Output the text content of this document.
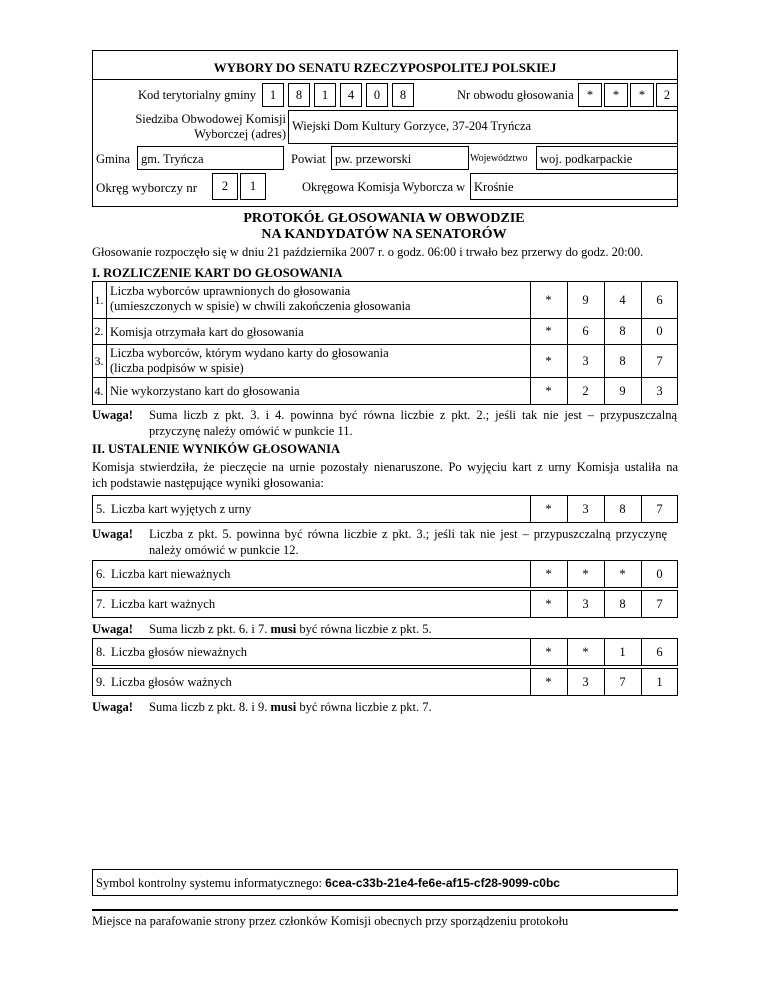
WYBORY DO SENATU RZECZYPOSPOLITEJ POLSKIEJ
Kod terytorialny gminy	1	8	1	4	0	8	Nr obwodu głosowania	*	*	*	2
Siedziba Obwodowej Komisji
Wyborczej (adres)
Wiejski Dom Kultury Gorzyce, 37-204 Tryńcza
Gmina gm. Tryńcza	Powiat pw. przeworski	Województwo woj. podkarpackie
Okręg wyborczy nr	2	1	Okręgowa Komisja Wyborcza w Krośnie
PROTOKÓŁ GŁOSOWANIA W OBWODZIE
NA KANDYDATÓW NA SENATORÓW
Głosowanie rozpoczęło się w dniu 21 października 2007 r. o godz. 06:00 i trwało bez przerwy do godz. 20:00.
I. ROZLICZENIE KART DO GŁOSOWANIA
1.
Liczba wyborców uprawnionych do głosowania
(umieszczonych w spisie) w chwili zakończenia głosowania	*	9	4	6
2. Komisja otrzymała kart do głosowania	*	6	8	0
3.
Liczba wyborców, którym wydano karty do głosowania
(liczba podpisów w spisie)
*	3	8	7
4. Nie wykorzystano kart do głosowania	*	2	9	3
Uwaga! Suma liczb z pkt. 3. i 4. powinna być równa liczbie z pkt. 2.; jeśli tak nie jest – przypuszczalną
przyczynę należy omówić w punkcie 11.
II. USTALENIE WYNIKÓW GŁOSOWANIA
Komisja stwierdziła, że pieczęcie na urnie pozostały nienaruszone. Po wyjęciu kart z urny Komisja ustaliła na
ich podstawie następujące wyniki głosowania:
5. Liczba kart wyjętych z urny	*	3	8	7
Uwaga! Liczba z pkt. 5. powinna być równa liczbie z pkt. 3.; jeśli tak nie jest – przypuszczalną przyczynę
należy omówić w punkcie 12.
6. Liczba kart nieważnych	*	*	*	0
7. Liczba kart ważnych	*	3	8	7
Uwaga! Suma liczb z pkt. 6. i 7. musi być równa liczbie z pkt. 5.
8. Liczba głosów nieważnych	*	*	1	6
9. Liczba głosów ważnych	*	3	7	1
Uwaga! Suma liczb z pkt. 8. i 9. musi być równa liczbie z pkt. 7.
Symbol kontrolny systemu informatycznego: 6cea-c33b-21e4-fe6e-af15-cf28-9099-c0bc
Miejsce na parafowanie strony przez członków Komisji obecnych przy sporządzeniu protokołu
